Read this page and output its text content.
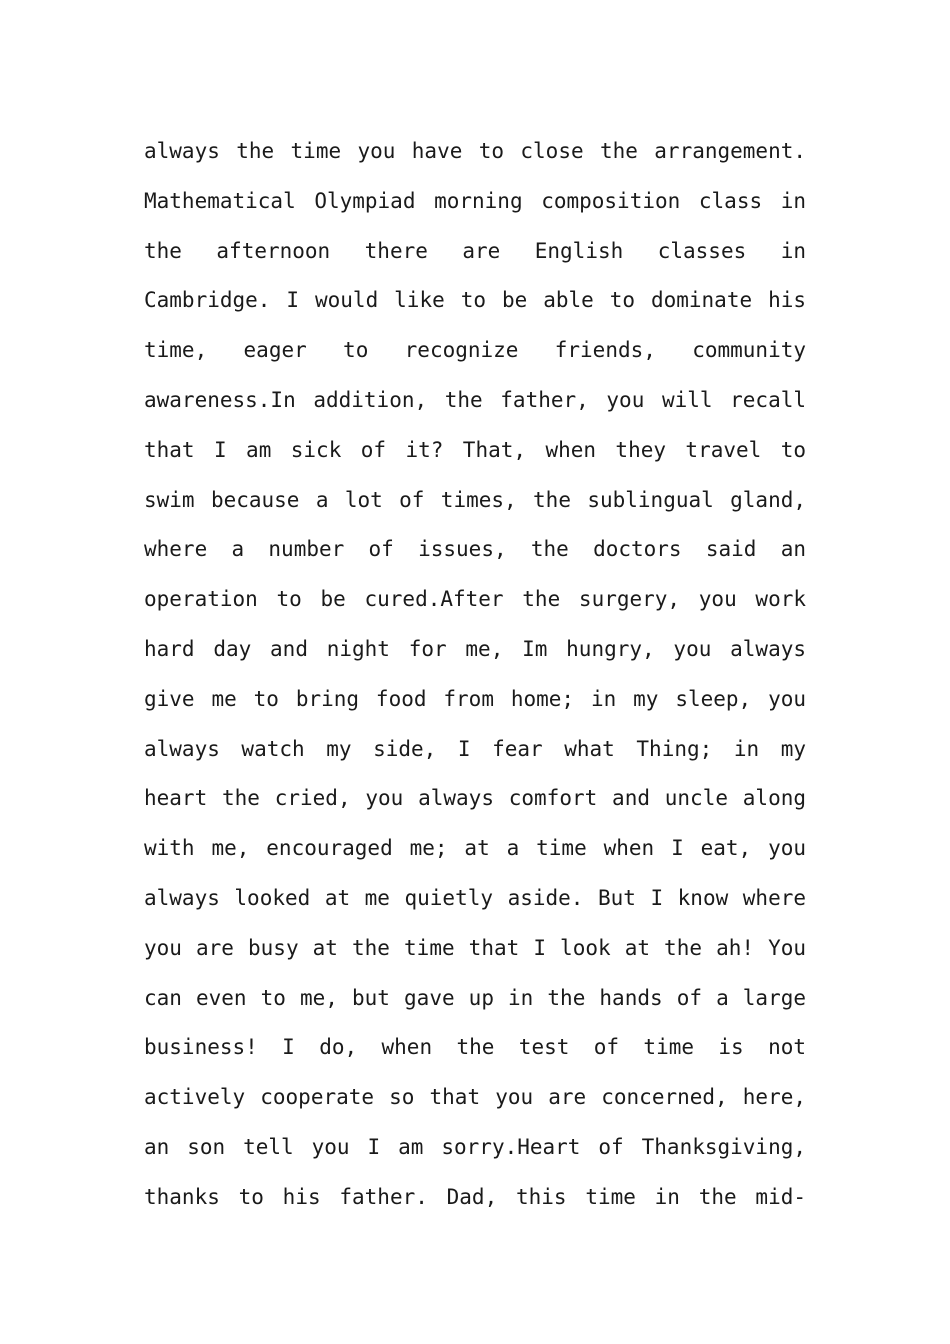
always the time you have to close the arrangement.
Mathematical Olympiad morning composition class in
the afternoon there are English classes in
Cambridge. I would like to be able to dominate his
time, eager to recognize friends, community
awareness.In addition, the father, you will recall
that I am sick of it? That, when they travel to
swim because a lot of times, the sublingual gland,
where a number of issues, the doctors said an
operation to be cured.After the surgery, you work
hard day and night for me, Im hungry, you always
give me to bring food from home; in my sleep, you
always watch my side, I fear what Thing; in my
heart the cried, you always comfort and uncle along
with me, encouraged me; at a time when I eat, you
always looked at me quietly aside. But I know where
you are busy at the time that I look at the ah! You
can even to me, but gave up in the hands of a large
business! I do, when the test of time is not
actively cooperate so that you are concerned, here,
an son tell you I am sorry.Heart of Thanksgiving,
thanks to his father. Dad, this time in the mid-
